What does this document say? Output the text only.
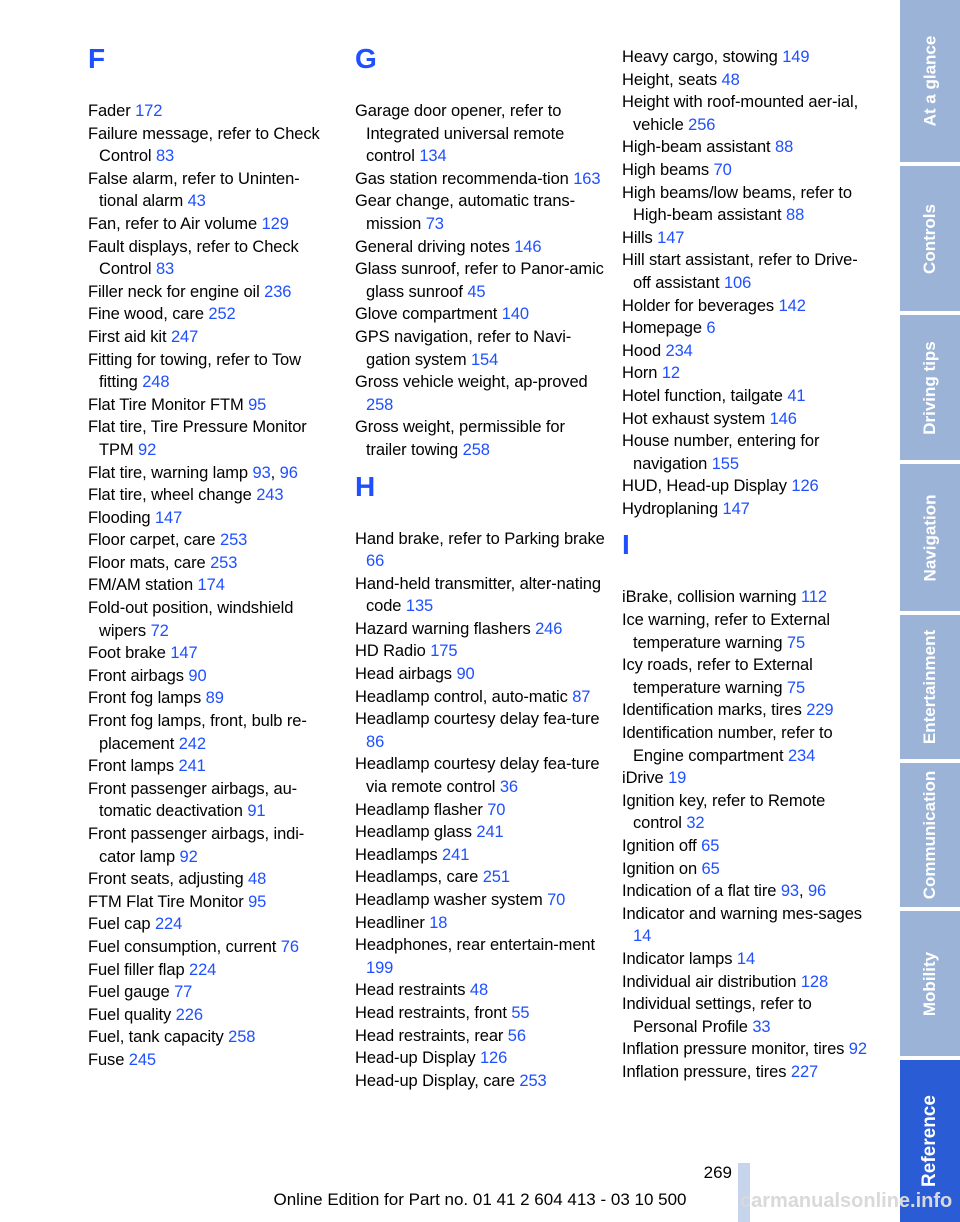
F
Fader 172
Failure message, refer to Check Control 83
False alarm, refer to Uninten-tional alarm 43
Fan, refer to Air volume 129
Fault displays, refer to Check Control 83
Filler neck for engine oil 236
Fine wood, care 252
First aid kit 247
Fitting for towing, refer to Tow fitting 248
Flat Tire Monitor FTM 95
Flat tire, Tire Pressure Monitor TPM 92
Flat tire, warning lamp 93, 96
Flat tire, wheel change 243
Flooding 147
Floor carpet, care 253
Floor mats, care 253
FM/AM station 174
Fold-out position, windshield wipers 72
Foot brake 147
Front airbags 90
Front fog lamps 89
Front fog lamps, front, bulb re-placement 242
Front lamps 241
Front passenger airbags, au-tomatic deactivation 91
Front passenger airbags, indi-cator lamp 92
Front seats, adjusting 48
FTM Flat Tire Monitor 95
Fuel cap 224
Fuel consumption, current 76
Fuel filler flap 224
Fuel gauge 77
Fuel quality 226
Fuel, tank capacity 258
Fuse 245
G
Garage door opener, refer to Integrated universal remote control 134
Gas station recommenda-tion 163
Gear change, automatic trans-mission 73
General driving notes 146
Glass sunroof, refer to Panor-amic glass sunroof 45
Glove compartment 140
GPS navigation, refer to Navi-gation system 154
Gross vehicle weight, ap-proved 258
Gross weight, permissible for trailer towing 258
H
Hand brake, refer to Parking brake 66
Hand-held transmitter, alter-nating code 135
Hazard warning flashers 246
HD Radio 175
Head airbags 90
Headlamp control, auto-matic 87
Headlamp courtesy delay fea-ture 86
Headlamp courtesy delay fea-ture via remote control 36
Headlamp flasher 70
Headlamp glass 241
Headlamps 241
Headlamps, care 251
Headlamp washer system 70
Headliner 18
Headphones, rear entertain-ment 199
Head restraints 48
Head restraints, front 55
Head restraints, rear 56
Head-up Display 126
Head-up Display, care 253
Heavy cargo, stowing 149
Height, seats 48
Height with roof-mounted aer-ial, vehicle 256
High-beam assistant 88
High beams 70
High beams/low beams, refer to High-beam assistant 88
Hills 147
Hill start assistant, refer to Drive-off assistant 106
Holder for beverages 142
Homepage 6
Hood 234
Horn 12
Hotel function, tailgate 41
Hot exhaust system 146
House number, entering for navigation 155
HUD, Head-up Display 126
Hydroplaning 147
I
iBrake, collision warning 112
Ice warning, refer to External temperature warning 75
Icy roads, refer to External temperature warning 75
Identification marks, tires 229
Identification number, refer to Engine compartment 234
iDrive 19
Ignition key, refer to Remote control 32
Ignition off 65
Ignition on 65
Indication of a flat tire 93, 96
Indicator and warning mes-sages 14
Indicator lamps 14
Individual air distribution 128
Individual settings, refer to Personal Profile 33
Inflation pressure monitor, tires 92
Inflation pressure, tires 227
At a glance
Controls
Driving tips
Navigation
Entertainment
Communication
Mobility
Reference
269
Online Edition for Part no. 01 41 2 604 413 - 03 10 500	carmanualsonline.info
